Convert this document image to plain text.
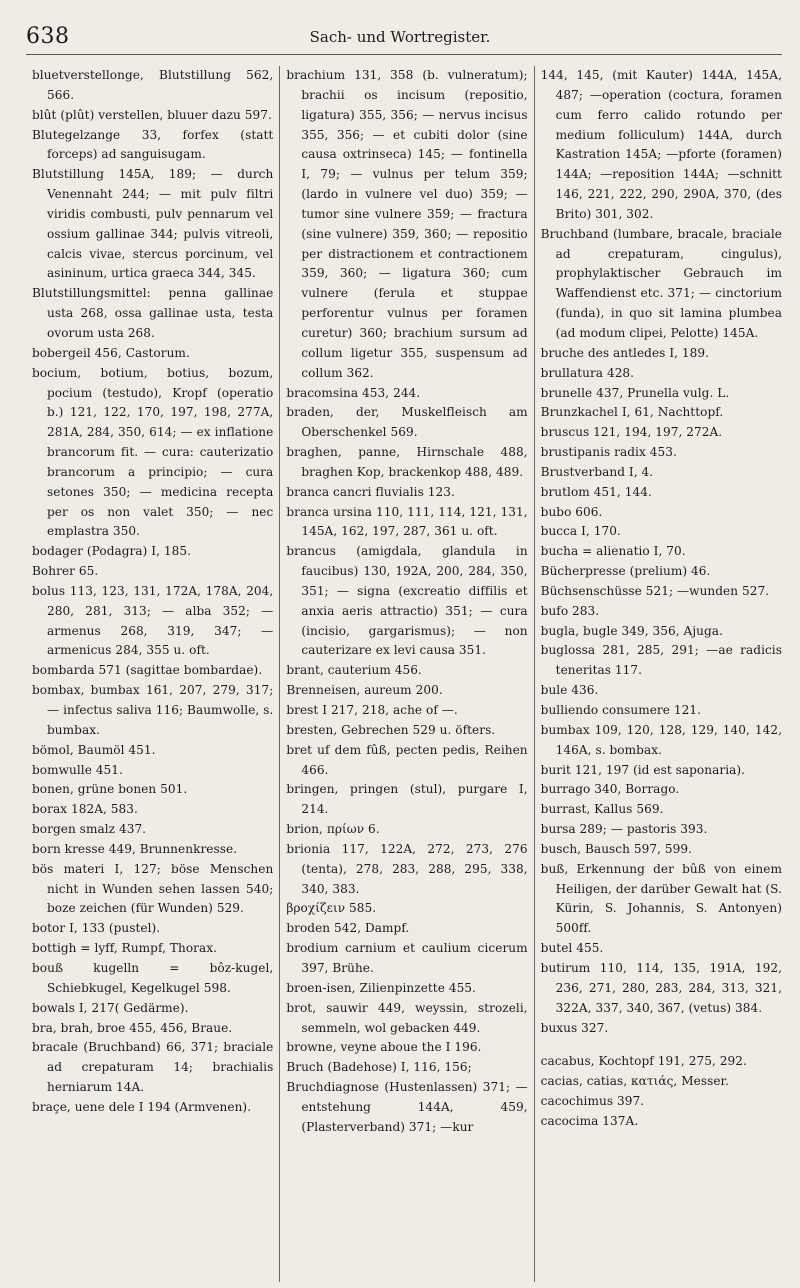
638	Sach- und Wortregister.
bluetverstellonge, Blutstillung 562, 566.
blût (plût) verstellen, bluuer dazu 597.
Blutegelzange 33, forfex (statt forceps) ad sanguisugam.
Blutstillung 145A, 189; — durch Venennaht 244; — mit pulv filtri viridis combusti, pulv pennarum vel ossium gallinae 344; pulvis vitreoli, calcis vivae, stercus porcinum, vel asininum, urtica graeca 344, 345.
Blutstillungsmittel: penna gallinae usta 268, ossa gallinae usta, testa ovorum usta 268.
bobergeil 456, Castorum.
bocium, botium, botius, bozum, pocium (testudo), Kropf (operatio b.) 121, 122, 170, 197, 198, 277A, 281A, 284, 350, 614; — ex inflatione brancorum fit. — cura: cauterizatio brancorum a principio; — cura setones 350; — medicina recepta per os non valet 350; — nec emplastra 350.
bodager (Podagra) I, 185.
Bohrer 65.
bolus 113, 123, 131, 172A, 178A, 204, 280, 281, 313; — alba 352; — armenus 268, 319, 347; — armenicus 284, 355 u. oft.
bombarda 571 (sagittae bombardae).
bombax, bumbax 161, 207, 279, 317; — infectus saliva 116; Baumwolle, s. bumbax.
bömol, Baumöl 451.
bomwulle 451.
bonen, grüne bonen 501.
borax 182A, 583.
borgen smalz 437.
born kresse 449, Brunnenkresse.
bös materi I, 127; böse Menschen nicht in Wunden sehen lassen 540; boze zeichen (für Wunden) 529.
botor I, 133 (pustel).
bottigh = lyff, Rumpf, Thorax.
bouß kugelln = bôz-kugel, Schiebkugel, Kegelkugel 598.
bowals I, 217( Gedärme).
bra, brah, broe 455, 456, Braue.
bracale (Bruchband) 66, 371; braciale ad crepaturam 14; brachialis herniarum 14A.
braçe, uene dele I 194 (Armvenen).
brachium 131, 358 (b. vulneratum); brachii os incisum (repositio, ligatura) 355, 356; — nervus incisus 355, 356; — et cubiti dolor (sine causa oxtrinseca) 145; — fontinella I, 79; — vulnus per telum 359; (lardo in vulnere vel duo) 359; — tumor sine vulnere 359; — fractura (sine vulnere) 359, 360; — repositio per distractionem et contractionem 359, 360; — ligatura 360; cum vulnere (ferula et stuppae perforentur vulnus per foramen curetur) 360; brachium sursum ad collum ligetur 355, suspensum ad collum 362.
bracomsina 453, 244.
braden, der, Muskelfleisch am Oberschenkel 569.
braghen, panne, Hirnschale 488, braghen Kop, brackenkop 488, 489.
branca cancri fluvialis 123.
branca ursina 110, 111, 114, 121, 131, 145A, 162, 197, 287, 361 u. oft.
brancus (amigdala, glandula in faucibus) 130, 192A, 200, 284, 350, 351; — signa (excreatio diffilis et anxia aeris attractio) 351; — cura (incisio, gargarismus); — non cauterizare ex levi causa 351.
brant, cauterium 456.
Brenneisen, aureum 200.
brest I 217, 218, ache of —.
bresten, Gebrechen 529 u. öfters.
bret uf dem fûß, pecten pedis, Reihen 466.
bringen, pringen (stul), purgare I, 214.
brion, πρίων 6.
brionia 117, 122A, 272, 273, 276 (tenta), 278, 283, 288, 295, 338, 340, 383.
βροχίζειν 585.
broden 542, Dampf.
brodium carnium et caulium cicerum 397, Brühe.
broen-isen, Zilienpinzette 455.
brot, sauwir 449, weyssin, strozeli, semmeln, wol gebacken 449.
browne, veyne aboue the I 196.
Bruch (Badehose) I, 116, 156;
Bruchdiagnose (Hustenlassen) 371; —entstehung 144A, 459, (Plasterverband) 371; —kur
144, 145, (mit Kauter) 144A, 145A, 487; —operation (coctura, foramen cum ferro calido rotundo per medium folliculum) 144A, durch Kastration 145A; —pforte (foramen) 144A; —reposition 144A; —schnitt 146, 221, 222, 290, 290A, 370, (des Brito) 301, 302.
Bruchband (lumbare, bracale, braciale ad crepaturam, cingulus), prophylaktischer Gebrauch im Waffendienst etc. 371; — cinctorium (funda), in quo sit lamina plumbea (ad modum clipei, Pelotte) 145A.
bruche des antledes I, 189.
brullatura 428.
brunelle 437, Prunella vulg. L.
Brunzkachel I, 61, Nachttopf.
bruscus 121, 194, 197, 272A.
brustipanis radix 453.
Brustverband I, 4.
brutlom 451, 144.
bubo 606.
bucca I, 170.
bucha = alienatio I, 70.
Bücherpresse (prelium) 46.
Büchsenschüsse 521; —wunden 527.
bufo 283.
bugla, bugle 349, 356, Ajuga.
buglossa 281, 285, 291; —ae radicis teneritas 117.
bule 436.
bulliendo consumere 121.
bumbax 109, 120, 128, 129, 140, 142, 146A, s. bombax.
burit 121, 197 (id est saponaria).
burrago 340, Borrago.
burrast, Kallus 569.
bursa 289; — pastoris 393.
busch, Bausch 597, 599.
buß, Erkennung der bûß von einem Heiligen, der darüber Gewalt hat (S. Kürin, S. Johannis, S. Antonyen) 500ff.
butel 455.
butirum 110, 114, 135, 191A, 192, 236, 271, 280, 283, 284, 313, 321, 322A, 337, 340, 367, (vetus) 384.
buxus 327.
cacabus, Kochtopf 191, 275, 292.
cacias, catias, κατιάς, Messer.
cacochimus 397.
cacocima 137A.
